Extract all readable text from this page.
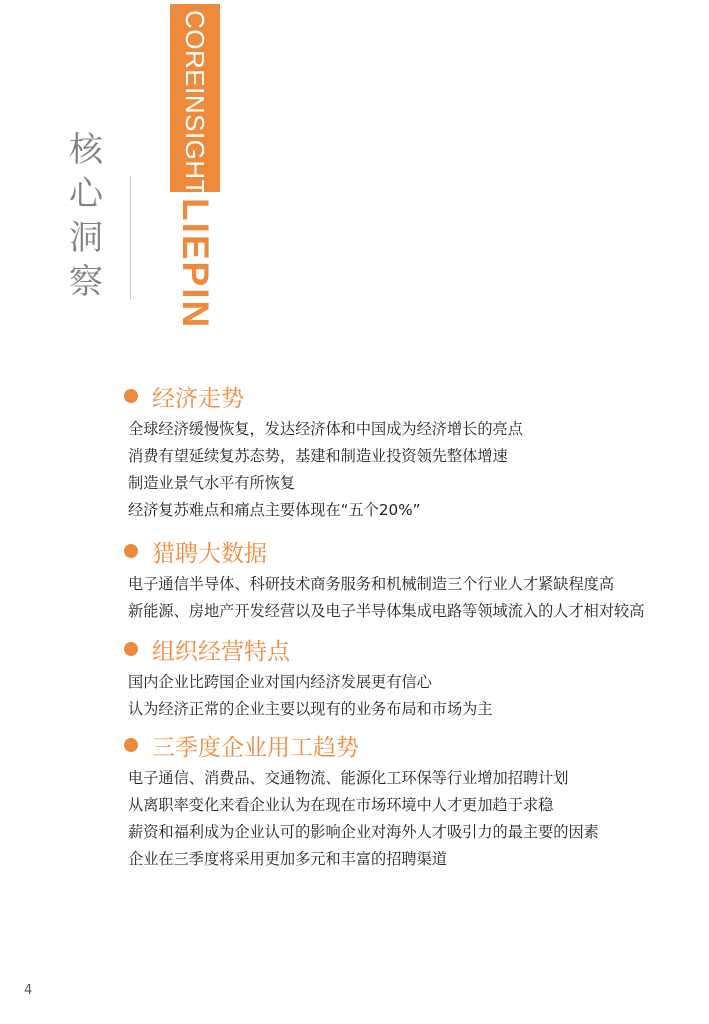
核
心
洞
察
COREINSIGHTS
LIEPIN
经济走势
全球经济缓慢恢复，发达经济体和中国成为经济增长的亮点
消费有望延续复苏态势，基建和制造业投资领先整体增速
制造业景气水平有所恢复
经济复苏难点和痛点主要体现在“五个20%”
猎聘大数据
电子通信半导体、科研技术商务服务和机械制造三个行业人才紧缺程度高
新能源、房地产开发经营以及电子半导体集成电路等领域流入的人才相对较高
组织经营特点
国内企业比跨国企业对国内经济发展更有信心
认为经济正常的企业主要以现有的业务布局和市场为主
三季度企业用工趋势
电子通信、消费品、交通物流、能源化工环保等行业增加招聘计划
从离职率变化来看企业认为在现在市场环境中人才更加趋于求稳
薪资和福利成为企业认可的影响企业对海外人才吸引力的最主要的因素
企业在三季度将采用更加多元和丰富的招聘渠道
4
